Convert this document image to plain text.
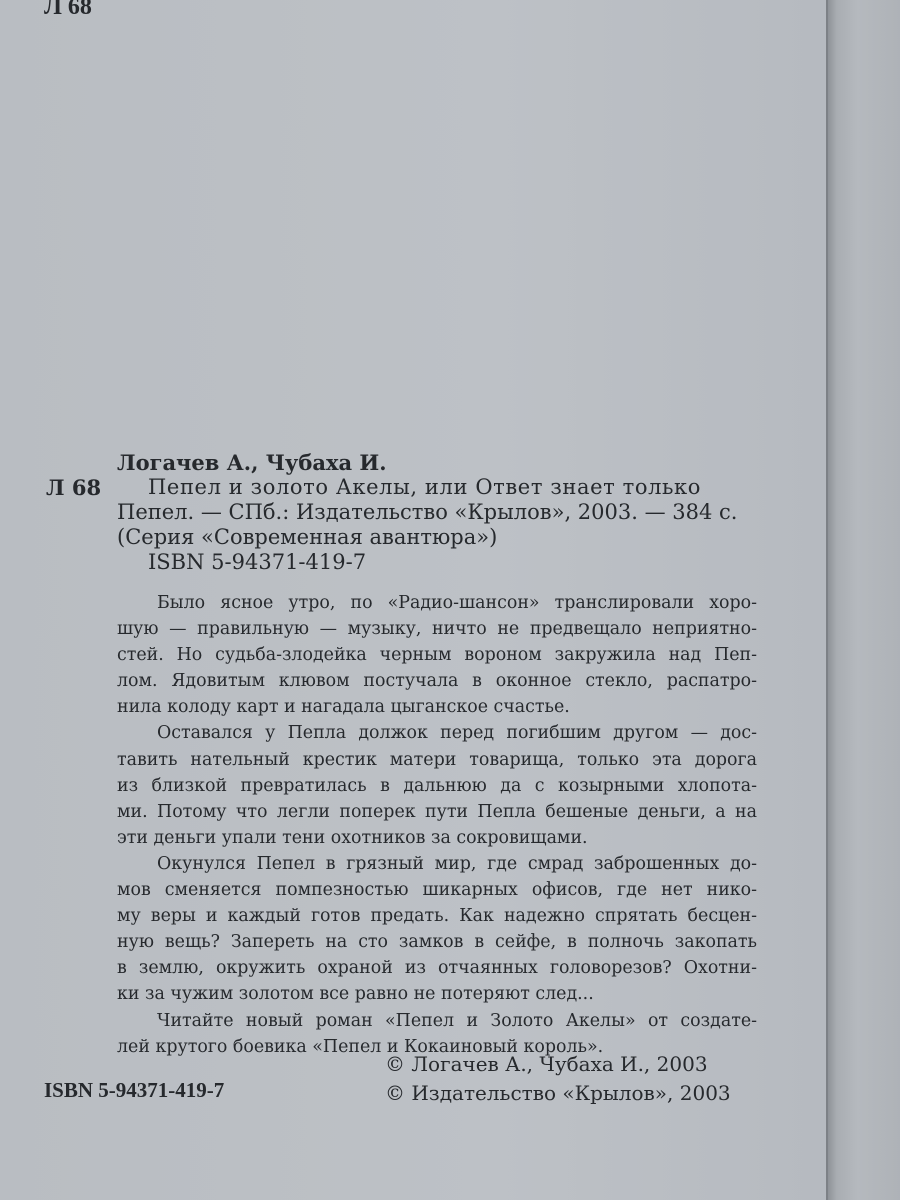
Л 68
Л 68
Логачев А., Чубаха И.
Пепел и золото Акелы, или Ответ знает только
Пепел. — СПб.: Издательство «Крылов», 2003. — 384 с.
(Серия «Современная авантюра»)
ISBN 5-94371-419-7
Было ясное утро, по «Радио-шансон» транслировали хоро-
шую — правильную — музыку, ничто не предвещало неприятно-
стей. Но судьба-злодейка черным вороном закружила над Пеп-
лом. Ядовитым клювом постучала в оконное стекло, распатро-
нила колоду карт и нагадала цыганское счастье.
Оставался у Пепла должок перед погибшим другом — дос-
тавить нательный крестик матери товарища, только эта дорога
из близкой превратилась в дальнюю да с козырными хлопота-
ми. Потому что легли поперек пути Пепла бешеные деньги, а на
эти деньги упали тени охотников за сокровищами.
Окунулся Пепел в грязный мир, где смрад заброшенных до-
мов сменяется помпезностью шикарных офисов, где нет нико-
му веры и каждый готов предать. Как надежно спрятать бесцен-
ную вещь? Запереть на сто замков в сейфе, в полночь закопать
в землю, окружить охраной из отчаянных головорезов? Охотни-
ки за чужим золотом все равно не потеряют след...
Читайте новый роман «Пепел и Золото Акелы» от создате-
лей крутого боевика «Пепел и Кокаиновый король».
ISBN 5-94371-419-7
© Логачев А., Чубаха И., 2003
© Издательство «Крылов», 2003
